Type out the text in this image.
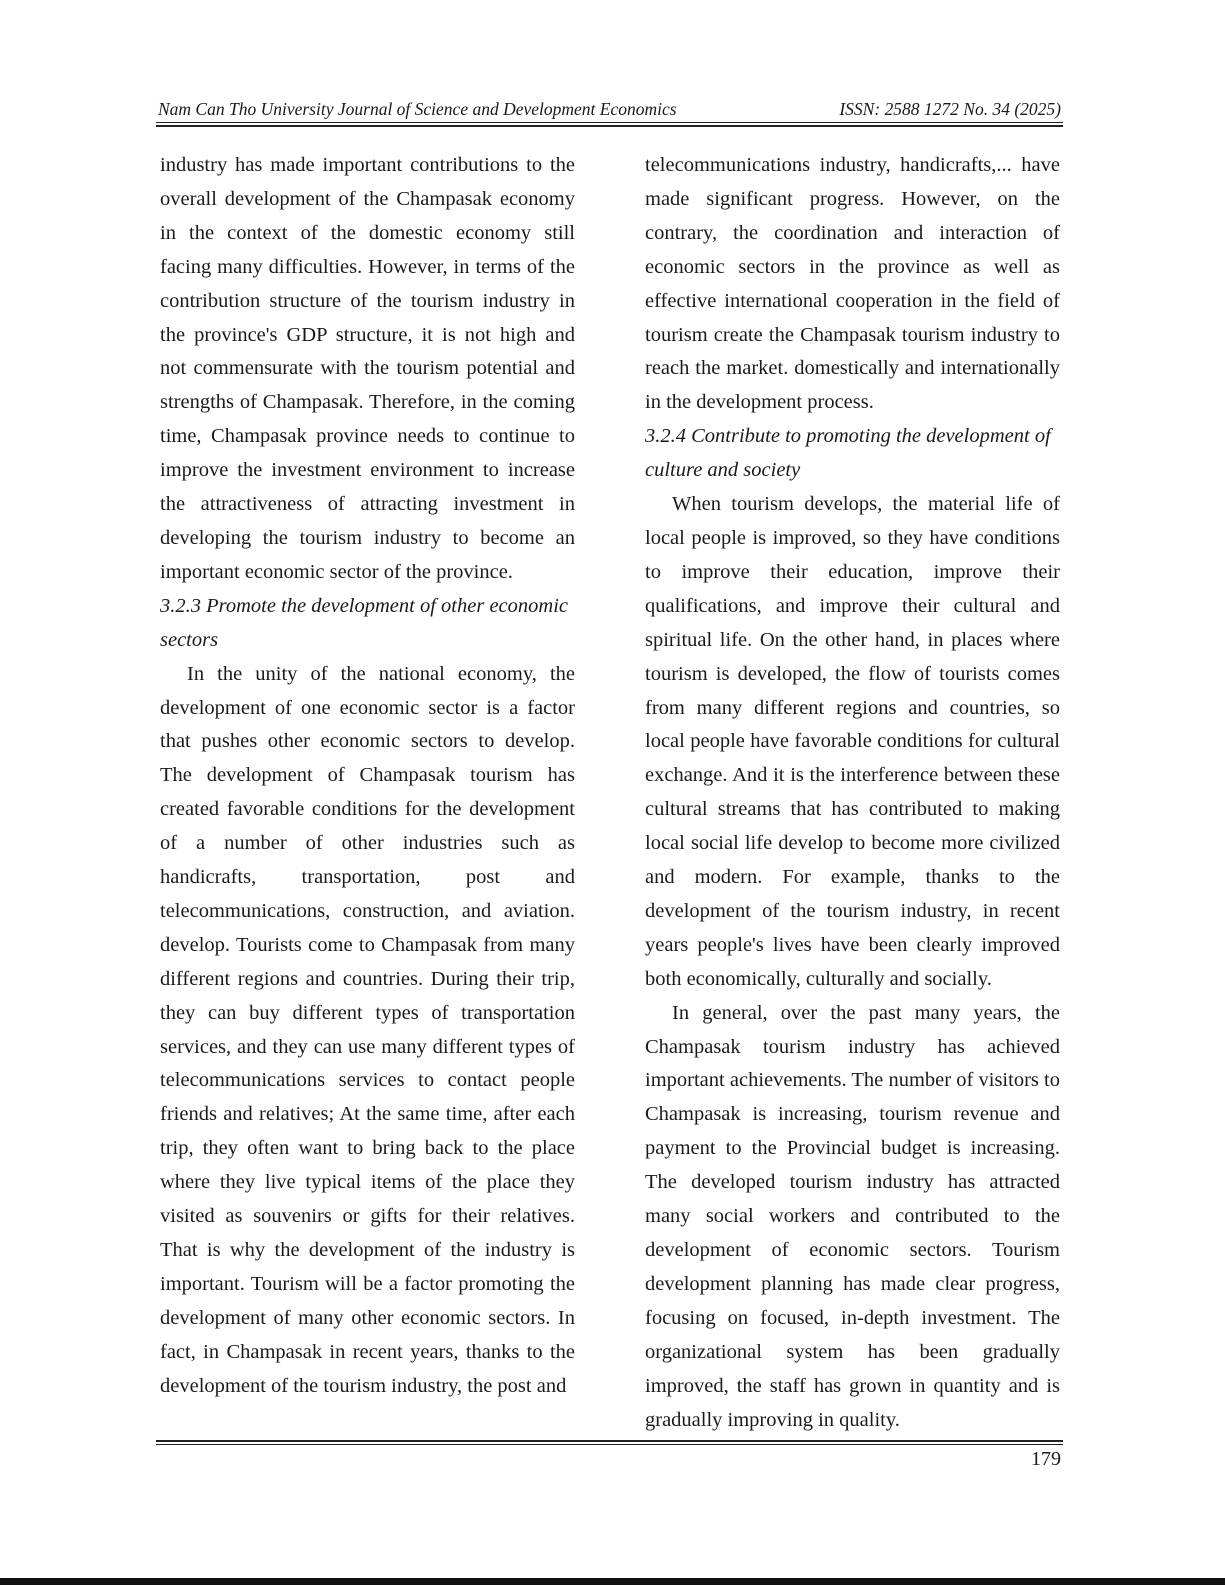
Nam Can Tho University Journal of Science and Development Economics	ISSN: 2588 1272 No. 34 (2025)

industry has made important contributions to the overall development of the Champasak economy in the context of the domestic economy still facing many difficulties. However, in terms of the contribution structure of the tourism industry in the province's GDP structure, it is not high and not commensurate with the tourism potential and strengths of Champasak. Therefore, in the coming time, Champasak province needs to continue to improve the investment environment to increase the attractiveness of attracting investment in developing the tourism industry to become an important economic sector of the province.

3.2.3 Promote the development of other economic sectors

In the unity of the national economy, the development of one economic sector is a factor that pushes other economic sectors to develop. The development of Champasak tourism has created favorable conditions for the development of a number of other industries such as handicrafts, transportation, post and telecommunications, construction, and aviation. develop. Tourists come to Champasak from many different regions and countries. During their trip, they can buy different types of transportation services, and they can use many different types of telecommunications services to contact people friends and relatives; At the same time, after each trip, they often want to bring back to the place where they live typical items of the place they visited as souvenirs or gifts for their relatives. That is why the development of the industry is important. Tourism will be a factor promoting the development of many other economic sectors. In fact, in Champasak in recent years, thanks to the development of the tourism industry, the post and

telecommunications industry, handicrafts,... have made significant progress. However, on the contrary, the coordination and interaction of economic sectors in the province as well as effective international cooperation in the field of tourism create the Champasak tourism industry to reach the market. domestically and internationally in the development process.

3.2.4 Contribute to promoting the development of culture and society

When tourism develops, the material life of local people is improved, so they have conditions to improve their education, improve their qualifications, and improve their cultural and spiritual life. On the other hand, in places where tourism is developed, the flow of tourists comes from many different regions and countries, so local people have favorable conditions for cultural exchange. And it is the interference between these cultural streams that has contributed to making local social life develop to become more civilized and modern. For example, thanks to the development of the tourism industry, in recent years people's lives have been clearly improved both economically, culturally and socially.

In general, over the past many years, the Champasak tourism industry has achieved important achievements. The number of visitors to Champasak is increasing, tourism revenue and payment to the Provincial budget is increasing. The developed tourism industry has attracted many social workers and contributed to the development of economic sectors. Tourism development planning has made clear progress, focusing on focused, in-depth investment. The organizational system has been gradually improved, the staff has grown in quantity and is gradually improving in quality.

179
